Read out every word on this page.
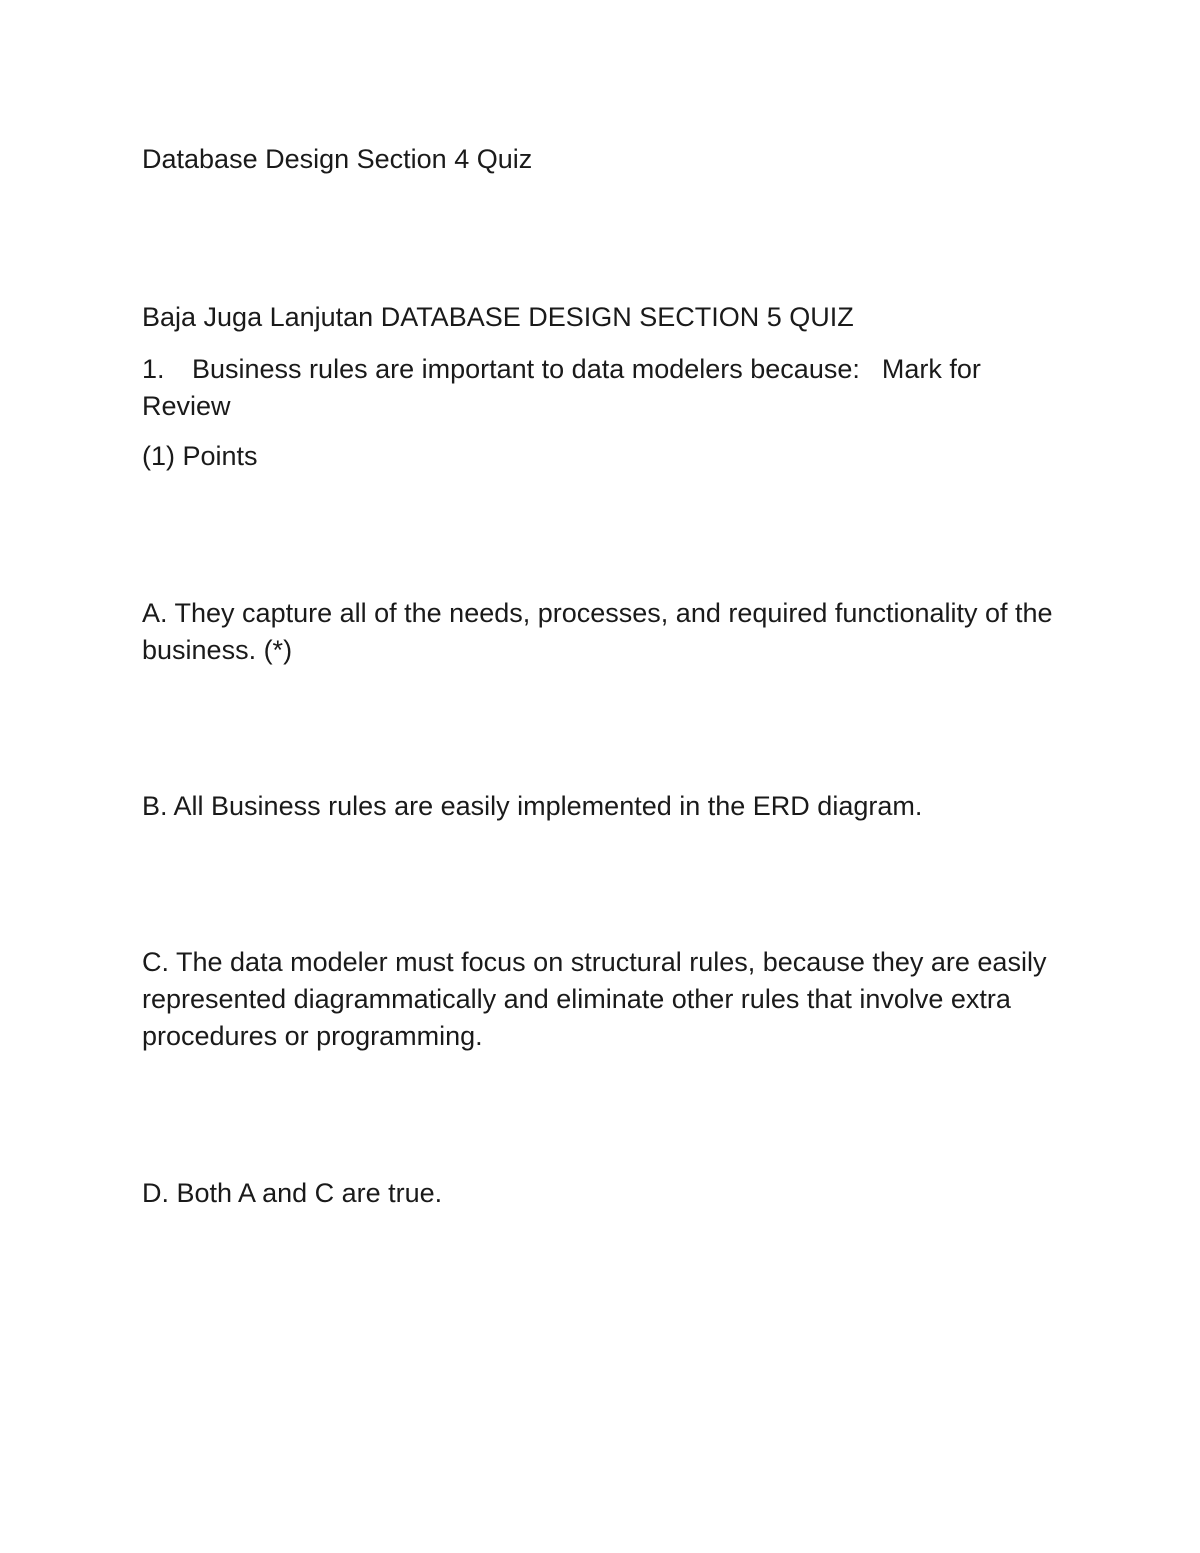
Database Design Section 4 Quiz

Baja Juga Lanjutan DATABASE DESIGN SECTION 5 QUIZ

1. Business rules are important to data modelers because: Mark for Review

(1) Points

A. They capture all of the needs, processes, and required functionality of the business. (*)

B. All Business rules are easily implemented in the ERD diagram.

C. The data modeler must focus on structural rules, because they are easily represented diagrammatically and eliminate other rules that involve extra procedures or programming.

D. Both A and C are true.
